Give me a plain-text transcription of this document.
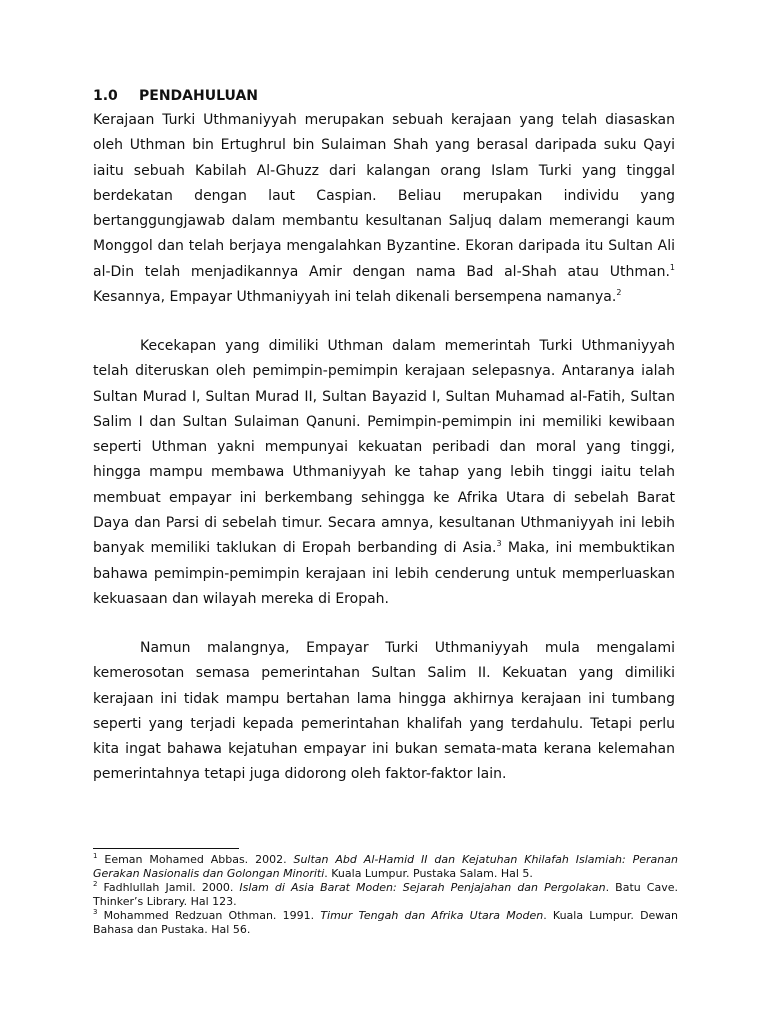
1.0 PENDAHULUAN

Kerajaan Turki Uthmaniyyah merupakan sebuah kerajaan yang telah diasaskan oleh Uthman bin Ertughrul bin Sulaiman Shah yang berasal daripada suku Qayi iaitu sebuah Kabilah Al-Ghuzz dari kalangan orang Islam Turki yang tinggal berdekatan dengan laut Caspian. Beliau merupakan individu yang bertanggungjawab dalam membantu kesultanan Saljuq dalam memerangi kaum Monggol dan telah berjaya mengalahkan Byzantine. Ekoran daripada itu Sultan Ali al-Din telah menjadikannya Amir dengan nama Bad al-Shah atau Uthman.$^1$ Kesannya, Empayar Uthmaniyyah ini telah dikenali bersempena namanya.$^2$

Kecekapan yang dimiliki Uthman dalam memerintah Turki Uthmaniyyah telah diteruskan oleh pemimpin-pemimpin kerajaan selepasnya. Antaranya ialah Sultan Murad I, Sultan Murad II, Sultan Bayazid I, Sultan Muhamad al-Fatih, Sultan Salim I dan Sultan Sulaiman Qanuni. Pemimpin-pemimpin ini memiliki kewibaan seperti Uthman yakni mempunyai kekuatan peribadi dan moral yang tinggi, hingga mampu membawa Uthmaniyyah ke tahap yang lebih tinggi iaitu telah membuat empayar ini berkembang sehingga ke Afrika Utara di sebelah Barat Daya dan Parsi di sebelah timur. Secara amnya, kesultanan Uthmaniyyah ini lebih banyak memiliki taklukan di Eropah berbanding di Asia.$^3$ Maka, ini membuktikan bahawa pemimpin-pemimpin kerajaan ini lebih cenderung untuk memperluaskan kekuasaan dan wilayah mereka di Eropah.

Namun malangnya, Empayar Turki Uthmaniyyah mula mengalami kemerosotan semasa pemerintahan Sultan Salim II. Kekuatan yang dimiliki kerajaan ini tidak mampu bertahan lama hingga akhirnya kerajaan ini tumbang seperti yang terjadi kepada pemerintahan khalifah yang terdahulu. Tetapi perlu kita ingat bahawa kejatuhan empayar ini bukan semata-mata kerana kelemahan pemerintahnya tetapi juga didorong oleh faktor-faktor lain.

$^1$ Eeman Mohamed Abbas. 2002. Sultan Abd Al-Hamid II dan Kejatuhan Khilafah Islamiah: Peranan Gerakan Nasionalis dan Golongan Minoriti. Kuala Lumpur. Pustaka Salam. Hal 5.

$^2$ Fadhlullah Jamil. 2000. Islam di Asia Barat Moden: Sejarah Penjajahan dan Pergolakan. Batu Cave. Thinker’s Library. Hal 123.

$^3$ Mohammed Redzuan Othman. 1991. Timur Tengah dan Afrika Utara Moden. Kuala Lumpur. Dewan Bahasa dan Pustaka. Hal 56.
